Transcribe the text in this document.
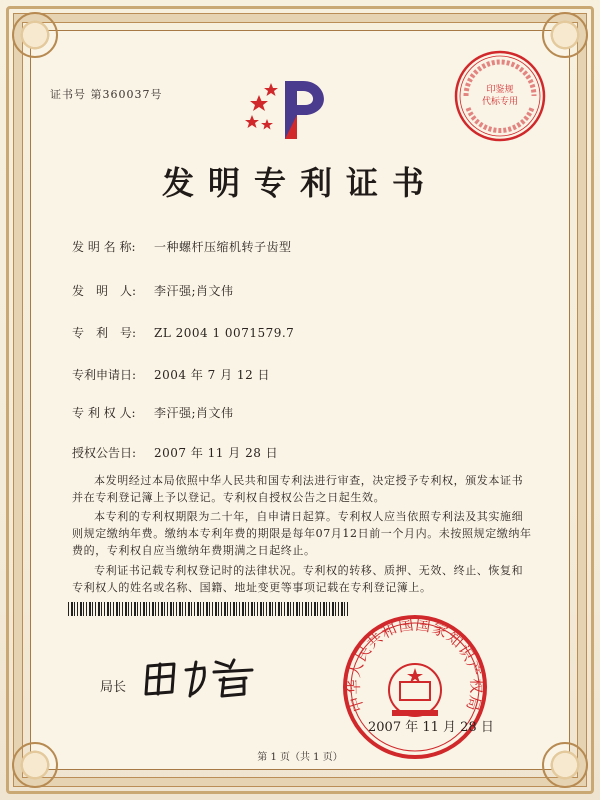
证书号 第360037号	印鉴规
代标专用
发明专利证书
发 明 名 称: 一种螺杆压缩机转子齿型
发　明　人: 李汗强;肖文伟
专　利　号: ZL 2004 1 0071579.7
专利申请日: 2004 年 7 月 12 日
专 利 权 人: 李汗强;肖文伟
授权公告日: 2007 年 11 月 28 日
本发明经过本局依照中华人民共和国专利法进行审查，决定授予专利权，颁发本证书并在专利登记簿上予以登记。专利权自授权公告之日起生效。
本专利的专利权期限为二十年，自申请日起算。专利权人应当依照专利法及其实施细则规定缴纳年费。缴纳本专利年费的期限是每年07月12日前一个月内。未按照规定缴纳年费的，专利权自应当缴纳年费期满之日起终止。
专利证书记载专利权登记时的法律状况。专利权的转移、质押、无效、终止、恢复和专利权人的姓名或名称、国籍、地址变更等事项记载在专利登记簿上。
局长
中华人民共和国国家知识产权局
2007 年 11 月 28 日
第 1 页（共 1 页）
